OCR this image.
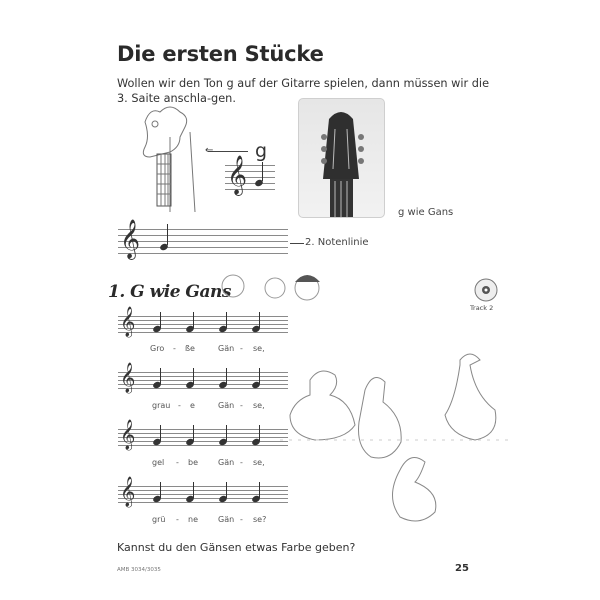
Die ersten Stücke
Wollen wir den Ton g auf der Gitarre spielen, dann müssen wir die 3. Saite anschla-gen.
← g
𝄞
g wie Gans
𝄞	2. Notenlinie
1. G wie Gans
Track 2
𝄞
Gro - ße	Gän - se,
𝄞
grau - e	Gän - se,
𝄞
gel - be	Gän - se,
𝄞
grü - ne	Gän - se?
Kannst du den Gänsen etwas Farbe geben?
AMB 3034/3035	25
